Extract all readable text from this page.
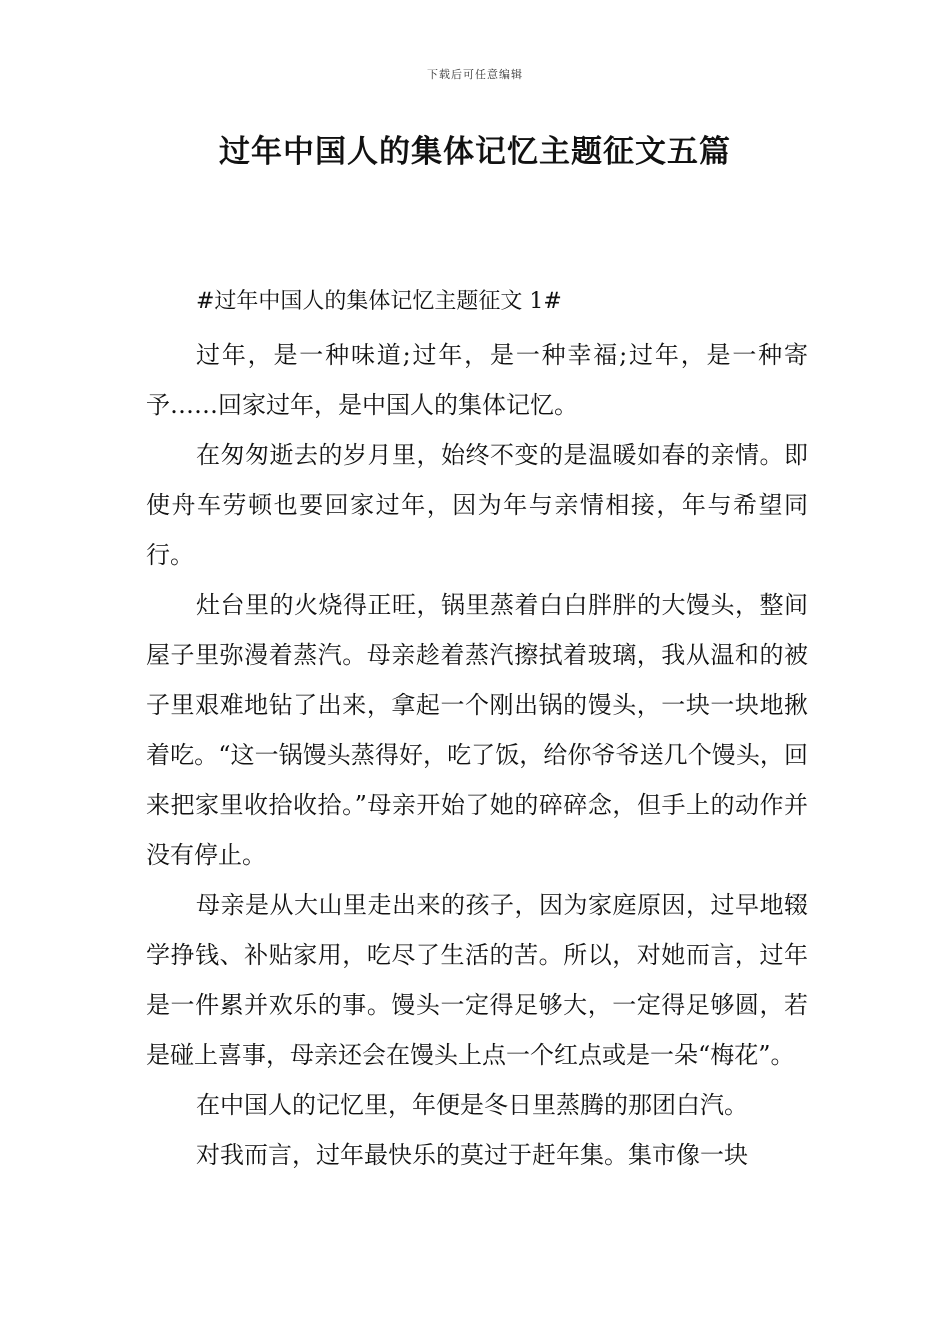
下载后可任意编辑
过年中国人的集体记忆主题征文五篇

#过年中国人的集体记忆主题征文 1#

过年，是一种味道;过年，是一种幸福;过年，是一种寄予……回家过年，是中国人的集体记忆。

在匆匆逝去的岁月里，始终不变的是温暖如春的亲情。即使舟车劳顿也要回家过年，因为年与亲情相接，年与希望同行。

灶台里的火烧得正旺，锅里蒸着白白胖胖的大馒头，整间屋子里弥漫着蒸汽。母亲趁着蒸汽擦拭着玻璃，我从温和的被子里艰难地钻了出来，拿起一个刚出锅的馒头，一块一块地揪着吃。“这一锅馒头蒸得好，吃了饭，给你爷爷送几个馒头，回来把家里收拾收拾。”母亲开始了她的碎碎念，但手上的动作并没有停止。

母亲是从大山里走出来的孩子，因为家庭原因，过早地辍学挣钱、补贴家用，吃尽了生活的苦。所以，对她而言，过年是一件累并欢乐的事。馒头一定得足够大，一定得足够圆，若是碰上喜事，母亲还会在馒头上点一个红点或是一朵“梅花”。

在中国人的记忆里，年便是冬日里蒸腾的那团白汽。

对我而言，过年最快乐的莫过于赶年集。集市像一块
